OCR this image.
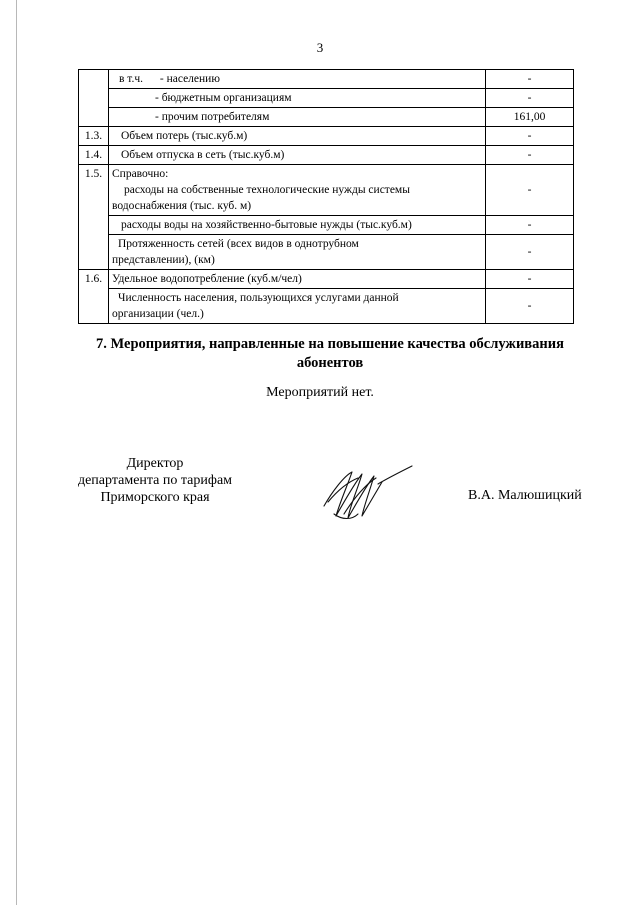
3
	в т.ч. - населению	-
	- бюджетным организациям	-
	- прочим потребителям	161,00
1.3.	Объем потерь (тыс.куб.м)	-
1.4.	Объем отпуска в сеть (тыс.куб.м)	-
1.5.	Справочно:
расходы на собственные технологические нужды системы
водоснабжения (тыс. куб. м)	-
	расходы воды на хозяйственно-бытовые нужды (тыс.куб.м)	-

	Протяженность сетей (всех видов в однотрубном
представлении), (км)	-
1.6.	Удельное водопотребление (куб.м/чел)	-

	Численность населения, пользующихся услугами данной
организации (чел.)	-
7. Мероприятия, направленные на повышение качества обслуживания
абонентов
Мероприятий нет.
Директор
департамента по тарифам
Приморского края	В.А. Малюшицкий
